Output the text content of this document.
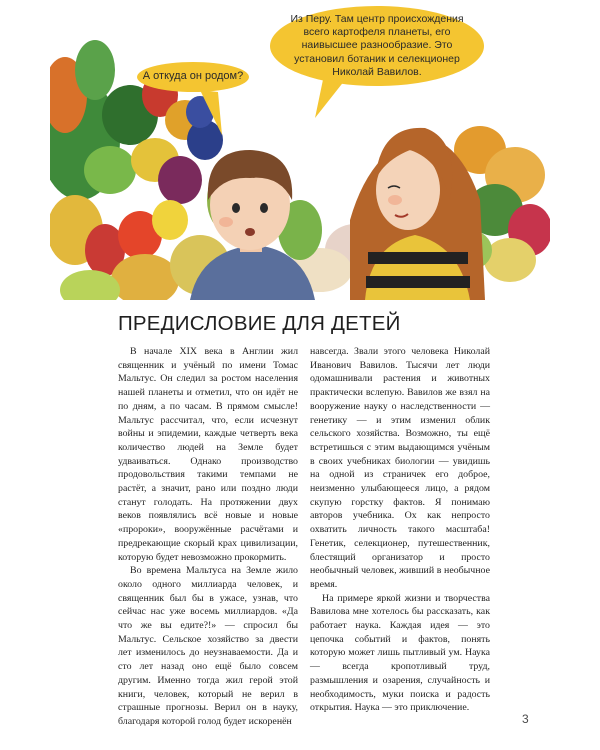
А откуда он родом?
Из Перу. Там центр происхождения всего картофеля планеты, его наивысшее разнообразие. Это установил ботаник и селекционер Николай Вавилов.
ПРЕДИСЛОВИЕ ДЛЯ ДЕТЕЙ

В начале XIX века в Англии жил священник и учёный по имени Томас Мальтус. Он следил за ростом населения нашей планеты и отметил, что он идёт не по дням, а по часам. В прямом смысле! Мальтус рассчитал, что, если исчезнут войны и эпидемии, каждые четверть века количество людей на Земле будет удваиваться. Однако производство продовольствия такими темпами не растёт, а значит, рано или поздно люди станут голодать. На протяжении двух веков появлялись всё новые и новые «пророки», вооружённые расчётами и предрекающие скорый крах цивилизации, которую будет невозможно прокормить.

Во времена Мальтуса на Земле жило около одного миллиарда человек, и священник был бы в ужасе, узнав, что сейчас нас уже восемь миллиардов. «Да что же вы едите?!» — спросил бы Мальтус. Сельское хозяйство за двести лет изменилось до неузнаваемости. Да и сто лет назад оно ещё было совсем другим. Именно тогда жил герой этой книги, человек, который не верил в страшные прогнозы. Верил он в науку, благодаря которой голод будет искоренён

навсегда. Звали этого человека Николай Иванович Вавилов. Тысячи лет люди одомашнивали растения и животных практически вслепую. Вавилов же взял на вооружение науку о наследственности — генетику — и этим изменил облик сельского хозяйства. Возможно, ты ещё встретишься с этим выдающимся учёным в своих учебниках биологии — увидишь на одной из страничек его доброе, неизменно улыбающееся лицо, а рядом скупую горстку фактов. Я понимаю авторов учебника. Ох как непросто охватить личность такого масштаба! Генетик, селекционер, путешественник, блестящий организатор и просто необычный человек, живший в необычное время.

На примере яркой жизни и творчества Вавилова мне хотелось бы рассказать, как работает наука. Каждая идея — это цепочка событий и фактов, понять которую может лишь пытливый ум. Наука — всегда кропотливый труд, размышления и озарения, случайность и необходимость, муки поиска и радость открытия. Наука — это приключение.

3
